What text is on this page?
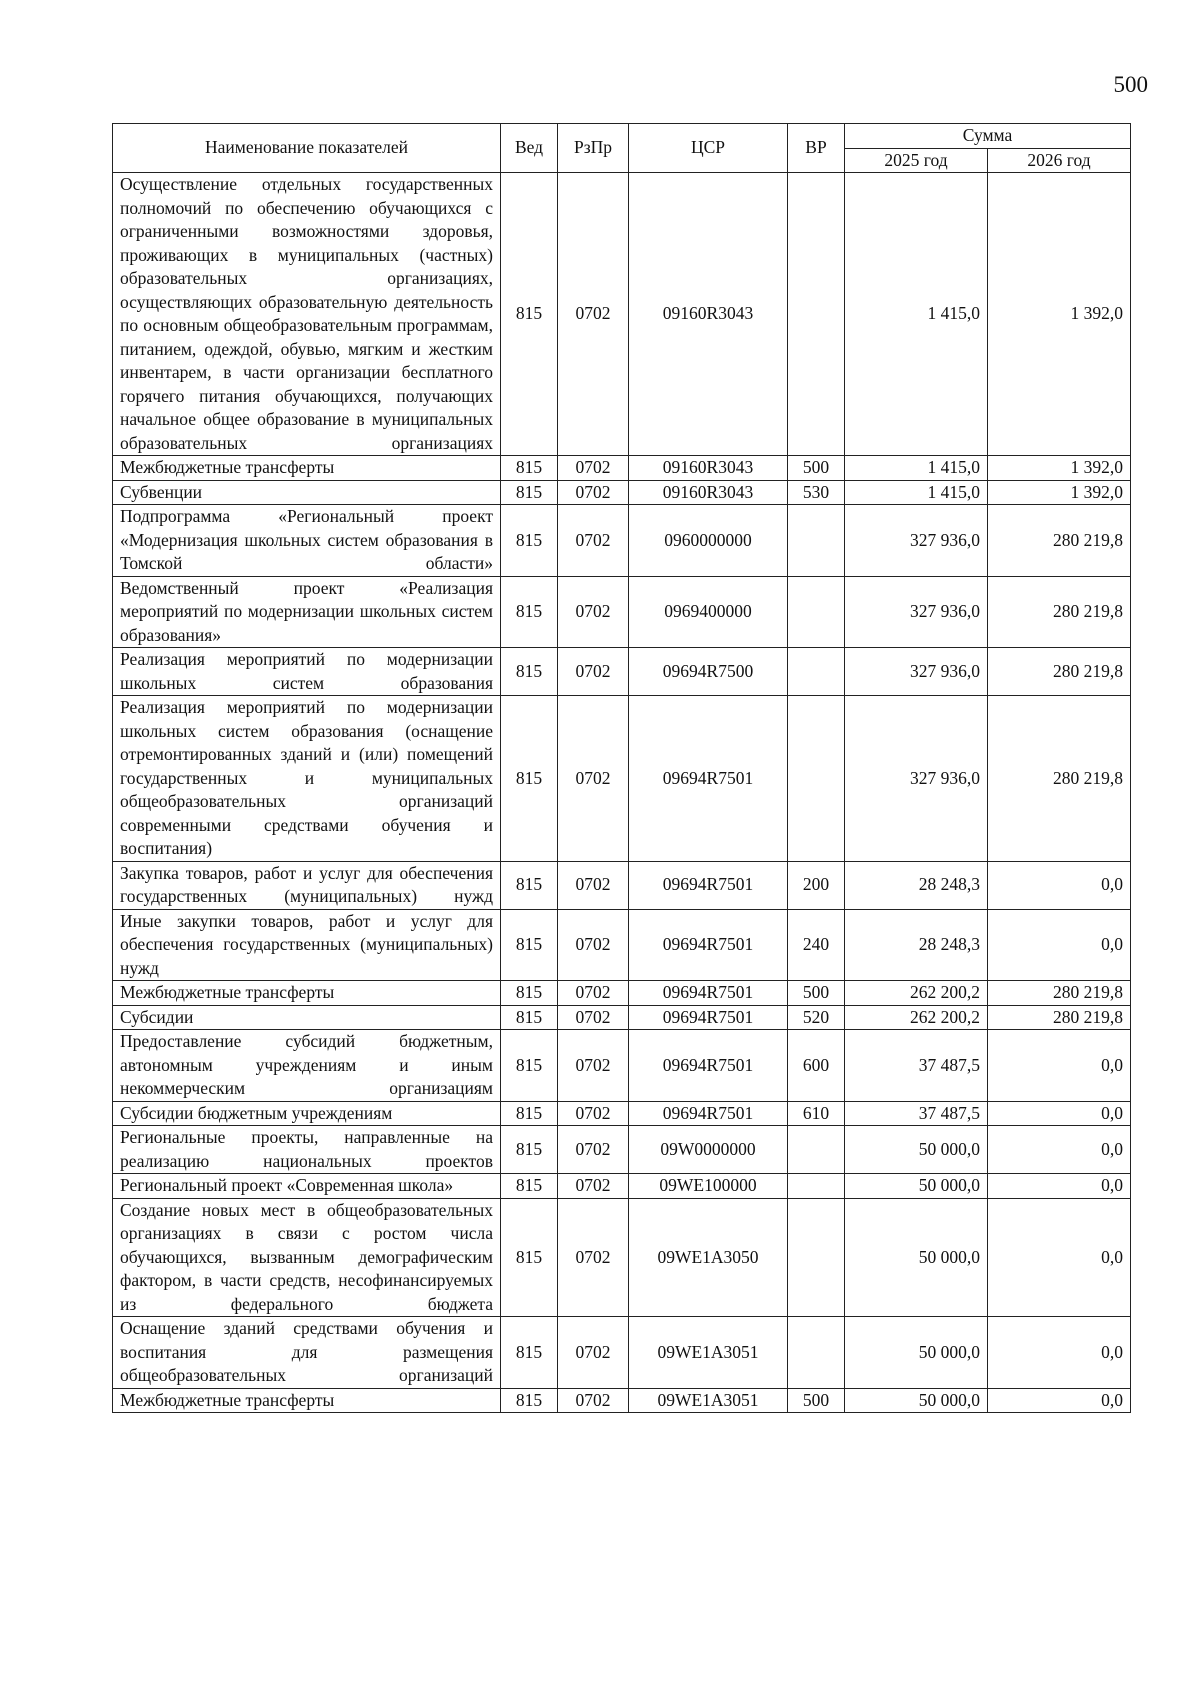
500
Наименование показателей	Вед	РзПр	ЦСР	ВР	Сумма	
					2025 год	2026 год
Осуществление отдельных государственных полномочий по обеспечению обучающихся с ограниченными возможностями здоровья, проживающих в муниципальных (частных) образовательных организациях, осуществляющих образовательную деятельность по основным общеобразовательным программам, питанием, одеждой, обувью, мягким и жестким инвентарем, в части организации бесплатного горячего питания обучающихся, получающих начальное общее образование в муниципальных образовательных организациях	815	0702	09160R3043		1 415,0	1 392,0
Межбюджетные трансферты	815	0702	09160R3043	500	1 415,0	1 392,0
Субвенции	815	0702	09160R3043	530	1 415,0	1 392,0
Подпрограмма «Региональный проект «Модернизация школьных систем образования в Томской области»	815	0702	0960000000		327 936,0	280 219,8
Ведомственный проект «Реализация мероприятий по модернизации школьных систем образования»	815	0702	0969400000		327 936,0	280 219,8
Реализация мероприятий по модернизации школьных систем образования	815	0702	09694R7500		327 936,0	280 219,8
Реализация мероприятий по модернизации школьных систем образования (оснащение отремонтированных зданий и (или) помещений государственных и муниципальных общеобразовательных организаций современными средствами обучения и воспитания)	815	0702	09694R7501		327 936,0	280 219,8
Закупка товаров, работ и услуг для обеспечения государственных (муниципальных) нужд	815	0702	09694R7501	200	28 248,3	0,0
Иные закупки товаров, работ и услуг для обеспечения государственных (муниципальных) нужд	815	0702	09694R7501	240	28 248,3	0,0
Межбюджетные трансферты	815	0702	09694R7501	500	262 200,2	280 219,8
Субсидии	815	0702	09694R7501	520	262 200,2	280 219,8
Предоставление субсидий бюджетным, автономным учреждениям и иным некоммерческим организациям	815	0702	09694R7501	600	37 487,5	0,0
Субсидии бюджетным учреждениям	815	0702	09694R7501	610	37 487,5	0,0
Региональные проекты, направленные на реализацию национальных проектов	815	0702	09W0000000		50 000,0	0,0
Региональный проект «Современная школа»	815	0702	09WE100000		50 000,0	0,0
Создание новых мест в общеобразовательных организациях в связи с ростом числа обучающихся, вызванным демографическим фактором, в части средств, несофинансируемых из федерального бюджета	815	0702	09WE1A3050		50 000,0	0,0
Оснащение зданий средствами обучения и воспитания для размещения общеобразовательных организаций	815	0702	09WE1A3051		50 000,0	0,0
Межбюджетные трансферты	815	0702	09WE1A3051	500	50 000,0	0,0
